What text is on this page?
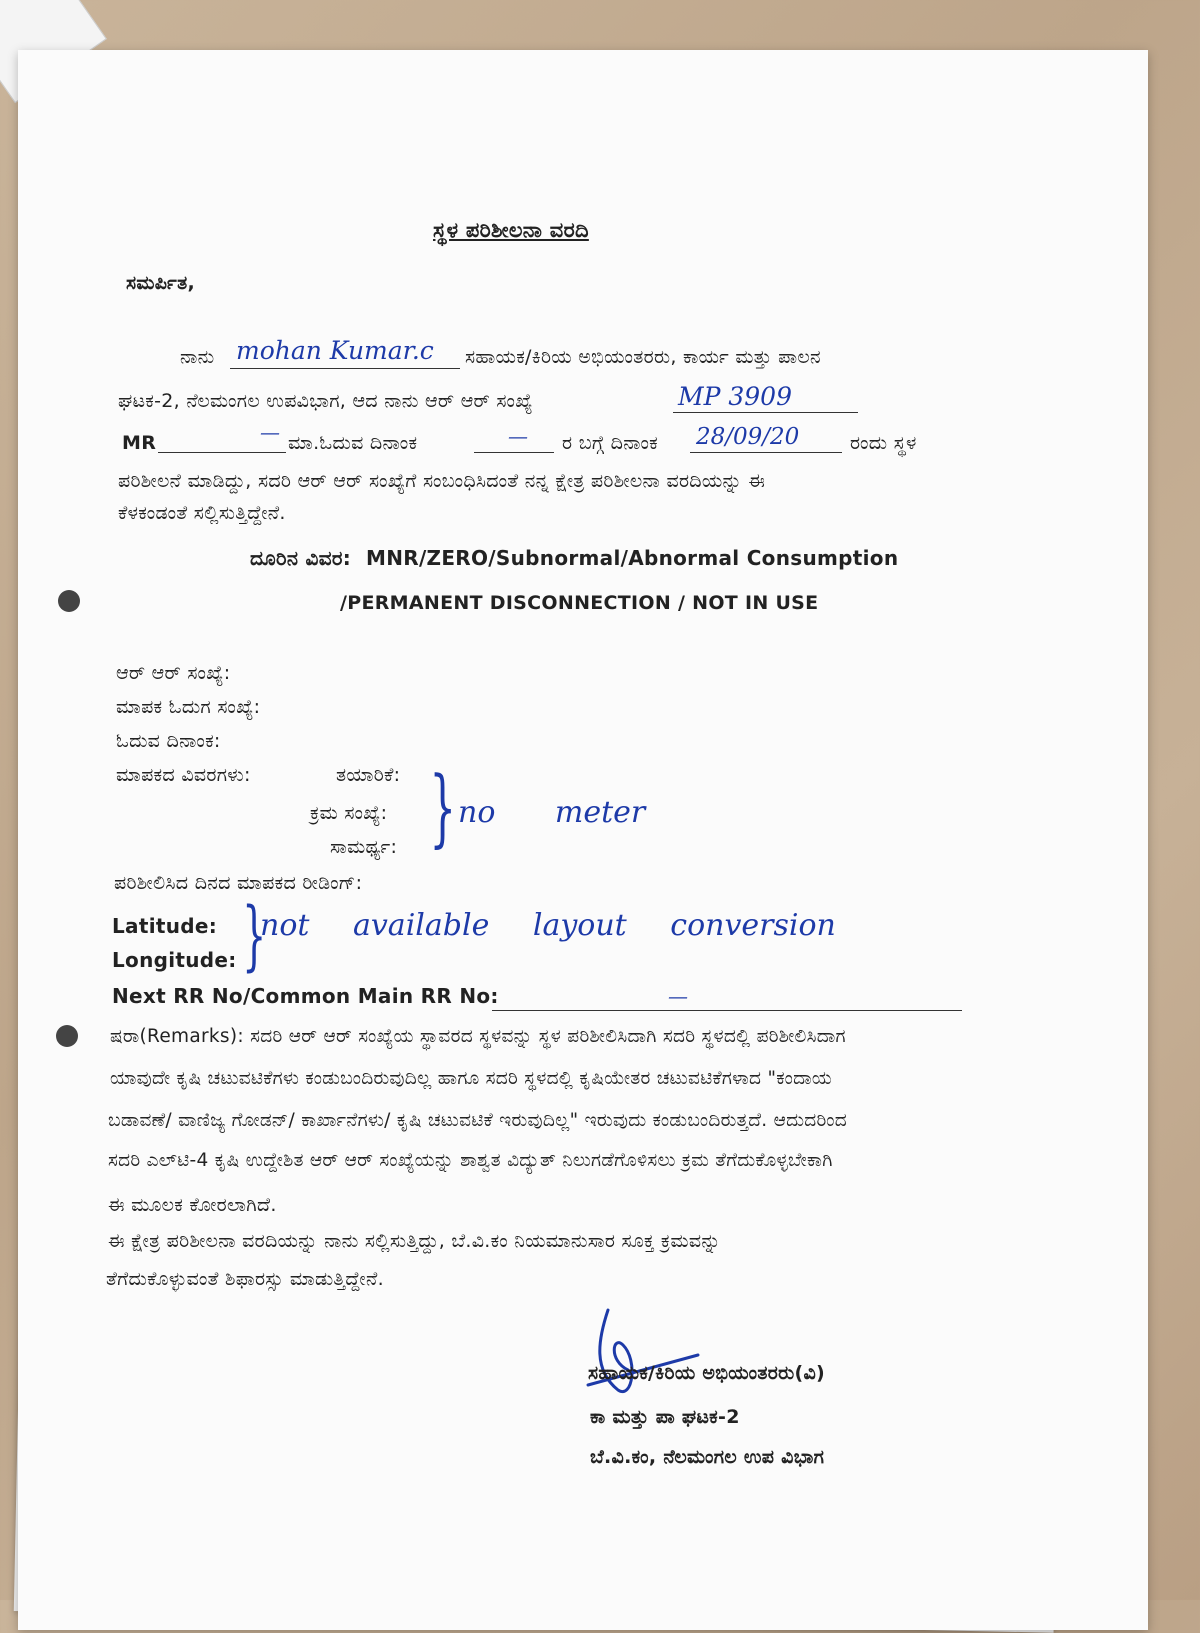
ಸ್ಥಳ ಪರಿಶೀಲನಾ ವರದಿ
ಸಮರ್ಪಿತ,
ನಾನು mohan Kumar.c ಸಹಾಯಕ/ಕಿರಿಯ ಅಭಿಯಂತರರು, ಕಾರ್ಯ ಮತ್ತು ಪಾಲನ
ಘಟಕ-2, ನೆಲಮಂಗಲ ಉಪವಿಭಾಗ, ಆದ ನಾನು ಆರ್ ಆರ್ ಸಂಖ್ಯೆ	MP 3909
MR	— ಮಾ.ಓದುವ ದಿನಾಂಕ	— ರ ಬಗ್ಗೆ ದಿನಾಂಕ 28/09/20	ರಂದು ಸ್ಥಳ
ಪರಿಶೀಲನೆ ಮಾಡಿದ್ದು, ಸದರಿ ಆರ್ ಆರ್ ಸಂಖ್ಯೆಗೆ ಸಂಬಂಧಿಸಿದಂತೆ ನನ್ನ ಕ್ಷೇತ್ರ ಪರಿಶೀಲನಾ ವರದಿಯನ್ನು ಈ
ಕೆಳಕಂಡಂತೆ ಸಲ್ಲಿಸುತ್ತಿದ್ದೇನೆ.
ದೂರಿನ ವಿವರ: MNR/ZERO/Subnormal/Abnormal Consumption
/PERMANENT DISCONNECTION / NOT IN USE
ಆರ್ ಆರ್ ಸಂಖ್ಯೆ:
ಮಾಪಕ ಓದುಗ ಸಂಖ್ಯೆ:
ಓದುವ ದಿನಾಂಕ:
ಮಾಪಕದ ವಿವರಗಳು:	ತಯಾರಿಕೆ:
ಕ್ರಮ ಸಂಖ್ಯೆ:
ಸಾಮರ್ಥ್ಯ: } no meter
ಪರಿಶೀಲಿಸಿದ ದಿನದ ಮಾಪಕದ ರೀಡಿಂಗ್:
Latitude:
Longitude: }
not available layout conversion
Next RR No/Common Main RR No:	—
ಷರಾ(Remarks): ಸದರಿ ಆರ್ ಆರ್ ಸಂಖ್ಯೆಯ ಸ್ಥಾವರದ ಸ್ಥಳವನ್ನು ಸ್ಥಳ ಪರಿಶೀಲಿಸಿದಾಗಿ ಸದರಿ ಸ್ಥಳದಲ್ಲಿ ಪರಿಶೀಲಿಸಿದಾಗ
ಯಾವುದೇ ಕೃಷಿ ಚಟುವಟಿಕೆಗಳು ಕಂಡುಬಂದಿರುವುದಿಲ್ಲ ಹಾಗೂ ಸದರಿ ಸ್ಥಳದಲ್ಲಿ ಕೃಷಿಯೇತರ ಚಟುವಟಿಕೆಗಳಾದ "ಕಂದಾಯ
ಬಡಾವಣೆ/ ವಾಣಿಜ್ಯ ಗೋಡನ್/ ಕಾರ್ಖಾನೆಗಳು/ ಕೃಷಿ ಚಟುವಟಿಕೆ ಇರುವುದಿಲ್ಲ" ಇರುವುದು ಕಂಡುಬಂದಿರುತ್ತದೆ. ಆದುದರಿಂದ
ಸದರಿ ಎಲ್‌ಟಿ-4 ಕೃಷಿ ಉದ್ದೇಶಿತ ಆರ್ ಆರ್ ಸಂಖ್ಯೆಯನ್ನು ಶಾಶ್ವತ ವಿದ್ಯುತ್ ನಿಲುಗಡೆಗೊಳಿಸಲು ಕ್ರಮ ತೆಗೆದುಕೊಳ್ಳಬೇಕಾಗಿ
ಈ ಮೂಲಕ ಕೋರಲಾಗಿದೆ.
ಈ ಕ್ಷೇತ್ರ ಪರಿಶೀಲನಾ ವರದಿಯನ್ನು ನಾನು ಸಲ್ಲಿಸುತ್ತಿದ್ದು, ಬೆ.ವಿ.ಕಂ ನಿಯಮಾನುಸಾರ ಸೂಕ್ತ ಕ್ರಮವನ್ನು
ತೆಗೆದುಕೊಳ್ಳುವಂತೆ ಶಿಫಾರಸ್ಸು ಮಾಡುತ್ತಿದ್ದೇನೆ.
ಸಹಾಯಕ/ಕಿರಿಯ ಅಭಿಯಂತರರು(ವಿ)
ಕಾ ಮತ್ತು ಪಾ ಘಟಕ-2
ಬೆ.ವಿ.ಕಂ, ನೆಲಮಂಗಲ ಉಪ ವಿಭಾಗ
